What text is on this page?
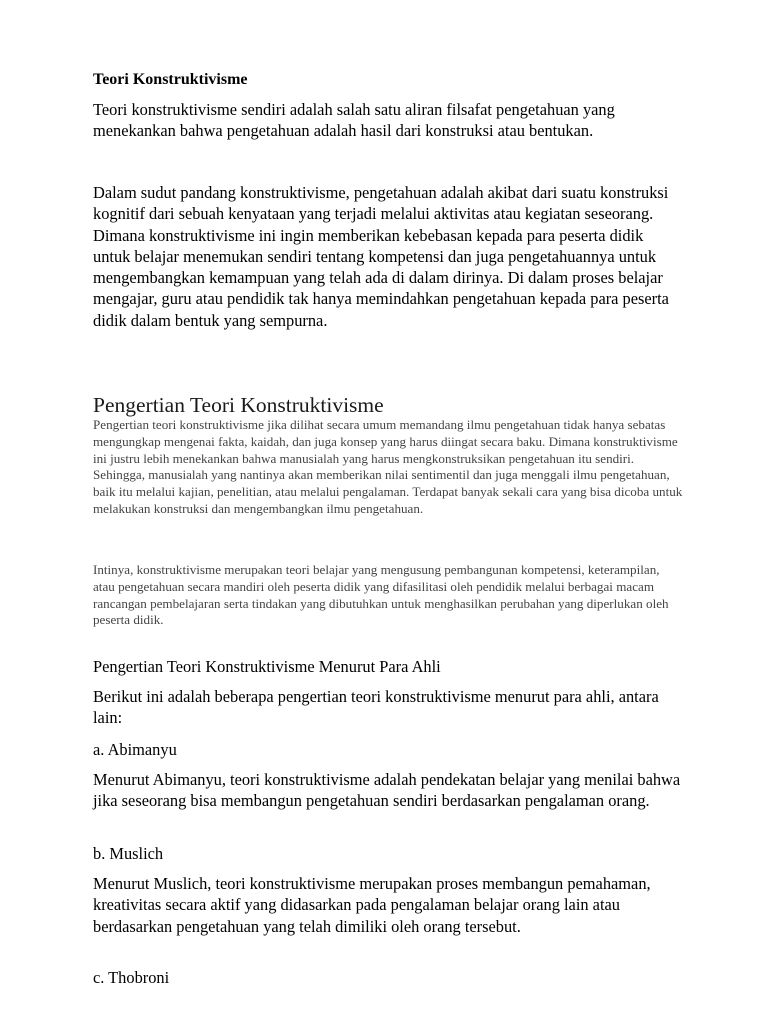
Teori Konstruktivisme

Teori konstruktivisme sendiri adalah salah satu aliran filsafat pengetahuan yang menekankan bahwa pengetahuan adalah hasil dari konstruksi atau bentukan.

Dalam sudut pandang konstruktivisme, pengetahuan adalah akibat dari suatu konstruksi kognitif dari sebuah kenyataan yang terjadi melalui aktivitas atau kegiatan seseorang. Dimana konstruktivisme ini ingin memberikan kebebasan kepada para peserta didik untuk belajar menemukan sendiri tentang kompetensi dan juga pengetahuannya untuk mengembangkan kemampuan yang telah ada di dalam dirinya. Di dalam proses belajar mengajar, guru atau pendidik tak hanya memindahkan pengetahuan kepada para peserta didik dalam bentuk yang sempurna.

Pengertian Teori Konstruktivisme

Pengertian teori konstruktivisme jika dilihat secara umum memandang ilmu pengetahuan tidak hanya sebatas mengungkap mengenai fakta, kaidah, dan juga konsep yang harus diingat secara baku. Dimana konstruktivisme ini justru lebih menekankan bahwa manusialah yang harus mengkonstruksikan pengetahuan itu sendiri. Sehingga, manusialah yang nantinya akan memberikan nilai sentimentil dan juga menggali ilmu pengetahuan, baik itu melalui kajian, penelitian, atau melalui pengalaman. Terdapat banyak sekali cara yang bisa dicoba untuk melakukan konstruksi dan mengembangkan ilmu pengetahuan.

Intinya, konstruktivisme merupakan teori belajar yang mengusung pembangunan kompetensi, keterampilan, atau pengetahuan secara mandiri oleh peserta didik yang difasilitasi oleh pendidik melalui berbagai macam rancangan pembelajaran serta tindakan yang dibutuhkan untuk menghasilkan perubahan yang diperlukan oleh peserta didik.

Pengertian Teori Konstruktivisme Menurut Para Ahli

Berikut ini adalah beberapa pengertian teori konstruktivisme menurut para ahli, antara lain:

a. Abimanyu

Menurut Abimanyu, teori konstruktivisme adalah pendekatan belajar yang menilai bahwa jika seseorang bisa membangun pengetahuan sendiri berdasarkan pengalaman orang.

b. Muslich

Menurut Muslich, teori konstruktivisme merupakan proses membangun pemahaman, kreativitas secara aktif yang didasarkan pada pengalaman belajar orang lain atau berdasarkan pengetahuan yang telah dimiliki oleh orang tersebut.

c. Thobroni
